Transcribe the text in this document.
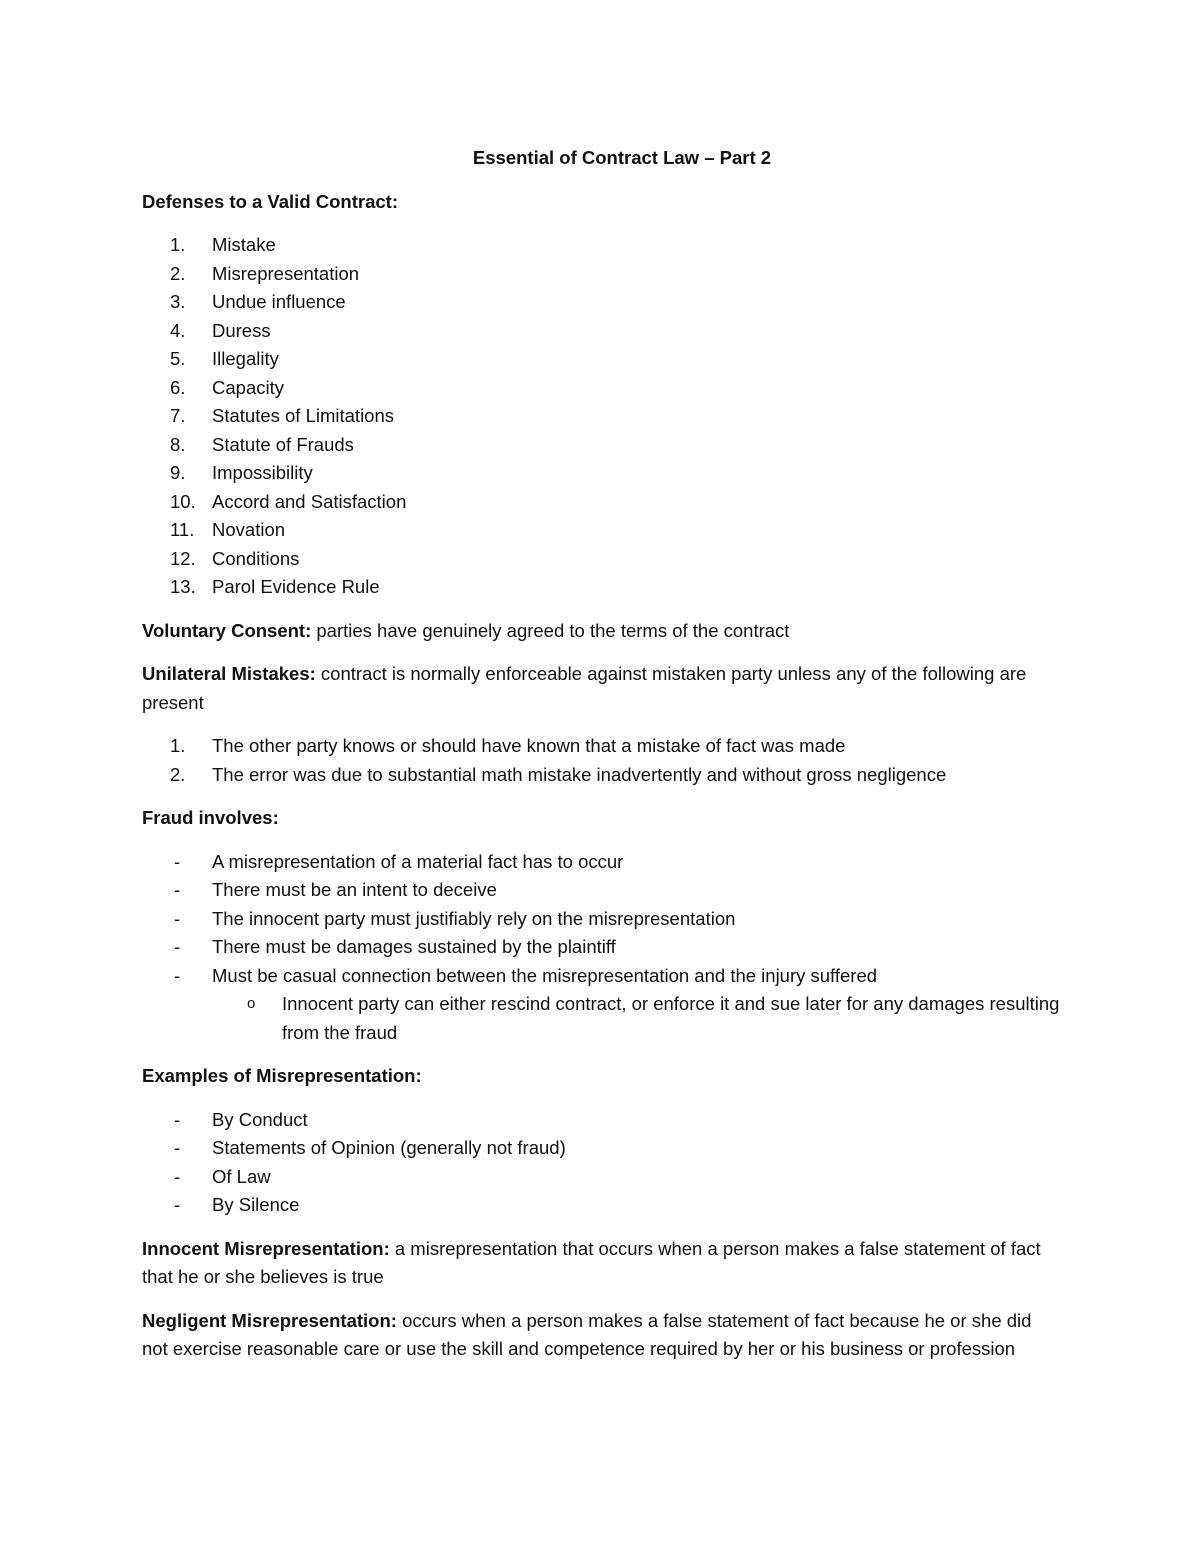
Essential of Contract Law – Part 2
Defenses to a Valid Contract:
1. Mistake
2. Misrepresentation
3. Undue influence
4. Duress
5. Illegality
6. Capacity
7. Statutes of Limitations
8. Statute of Frauds
9. Impossibility
10. Accord and Satisfaction
11. Novation
12. Conditions
13. Parol Evidence Rule
Voluntary Consent: parties have genuinely agreed to the terms of the contract
Unilateral Mistakes: contract is normally enforceable against mistaken party unless any of the following are present
1. The other party knows or should have known that a mistake of fact was made
2. The error was due to substantial math mistake inadvertently and without gross negligence
Fraud involves:
- A misrepresentation of a material fact has to occur
- There must be an intent to deceive
- The innocent party must justifiably rely on the misrepresentation
- There must be damages sustained by the plaintiff
- Must be casual connection between the misrepresentation and the injury suffered
o Innocent party can either rescind contract, or enforce it and sue later for any damages resulting from the fraud
Examples of Misrepresentation:
- By Conduct
- Statements of Opinion (generally not fraud)
- Of Law
- By Silence
Innocent Misrepresentation: a misrepresentation that occurs when a person makes a false statement of fact that he or she believes is true
Negligent Misrepresentation: occurs when a person makes a false statement of fact because he or she did not exercise reasonable care or use the skill and competence required by her or his business or profession
